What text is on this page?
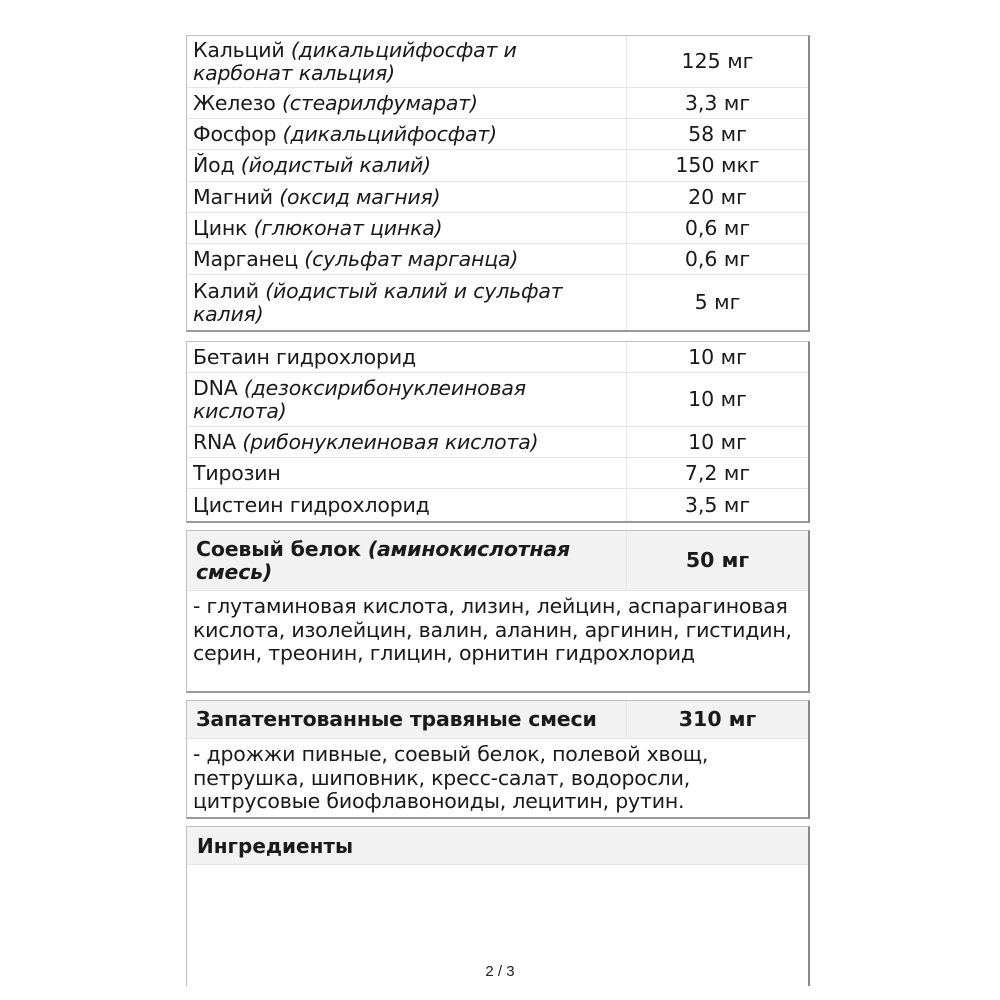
Кальций (дикальцийфосфат и карбонат кальция)	125 мг
Железо (стеарилфумарат)	3,3 мг
Фосфор (дикальцийфосфат)	58 мг
Йод (йодистый калий)	150 мкг
Магний (оксид магния)	20 мг
Цинк (глюконат цинка)	0,6 мг
Марганец (сульфат марганца)	0,6 мг
Калий (йодистый калий и сульфат калия)	5 мг
Бетаин гидрохлорид	10 мг
DNA (дезоксирибонуклеиновая кислота)	10 мг
RNA (рибонуклеиновая кислота)	10 мг
Тирозин	7,2 мг
Цистеин гидрохлорид	3,5 мг
Соевый белок (аминокислотная смесь)	50 мг
- глутаминовая кислота, лизин, лейцин, аспарагиновая кислота, изолейцин, валин, аланин, аргинин, гистидин, серин, треонин, глицин, орнитин гидрохлорид
Запатентованные травяные смеси	310 мг
- дрожжи пивные, соевый белок, полевой хвощ, петрушка, шиповник, кресс-салат, водоросли, цитрусовые биофлавоноиды, лецитин, рутин.
Ингредиенты
2 / 3
